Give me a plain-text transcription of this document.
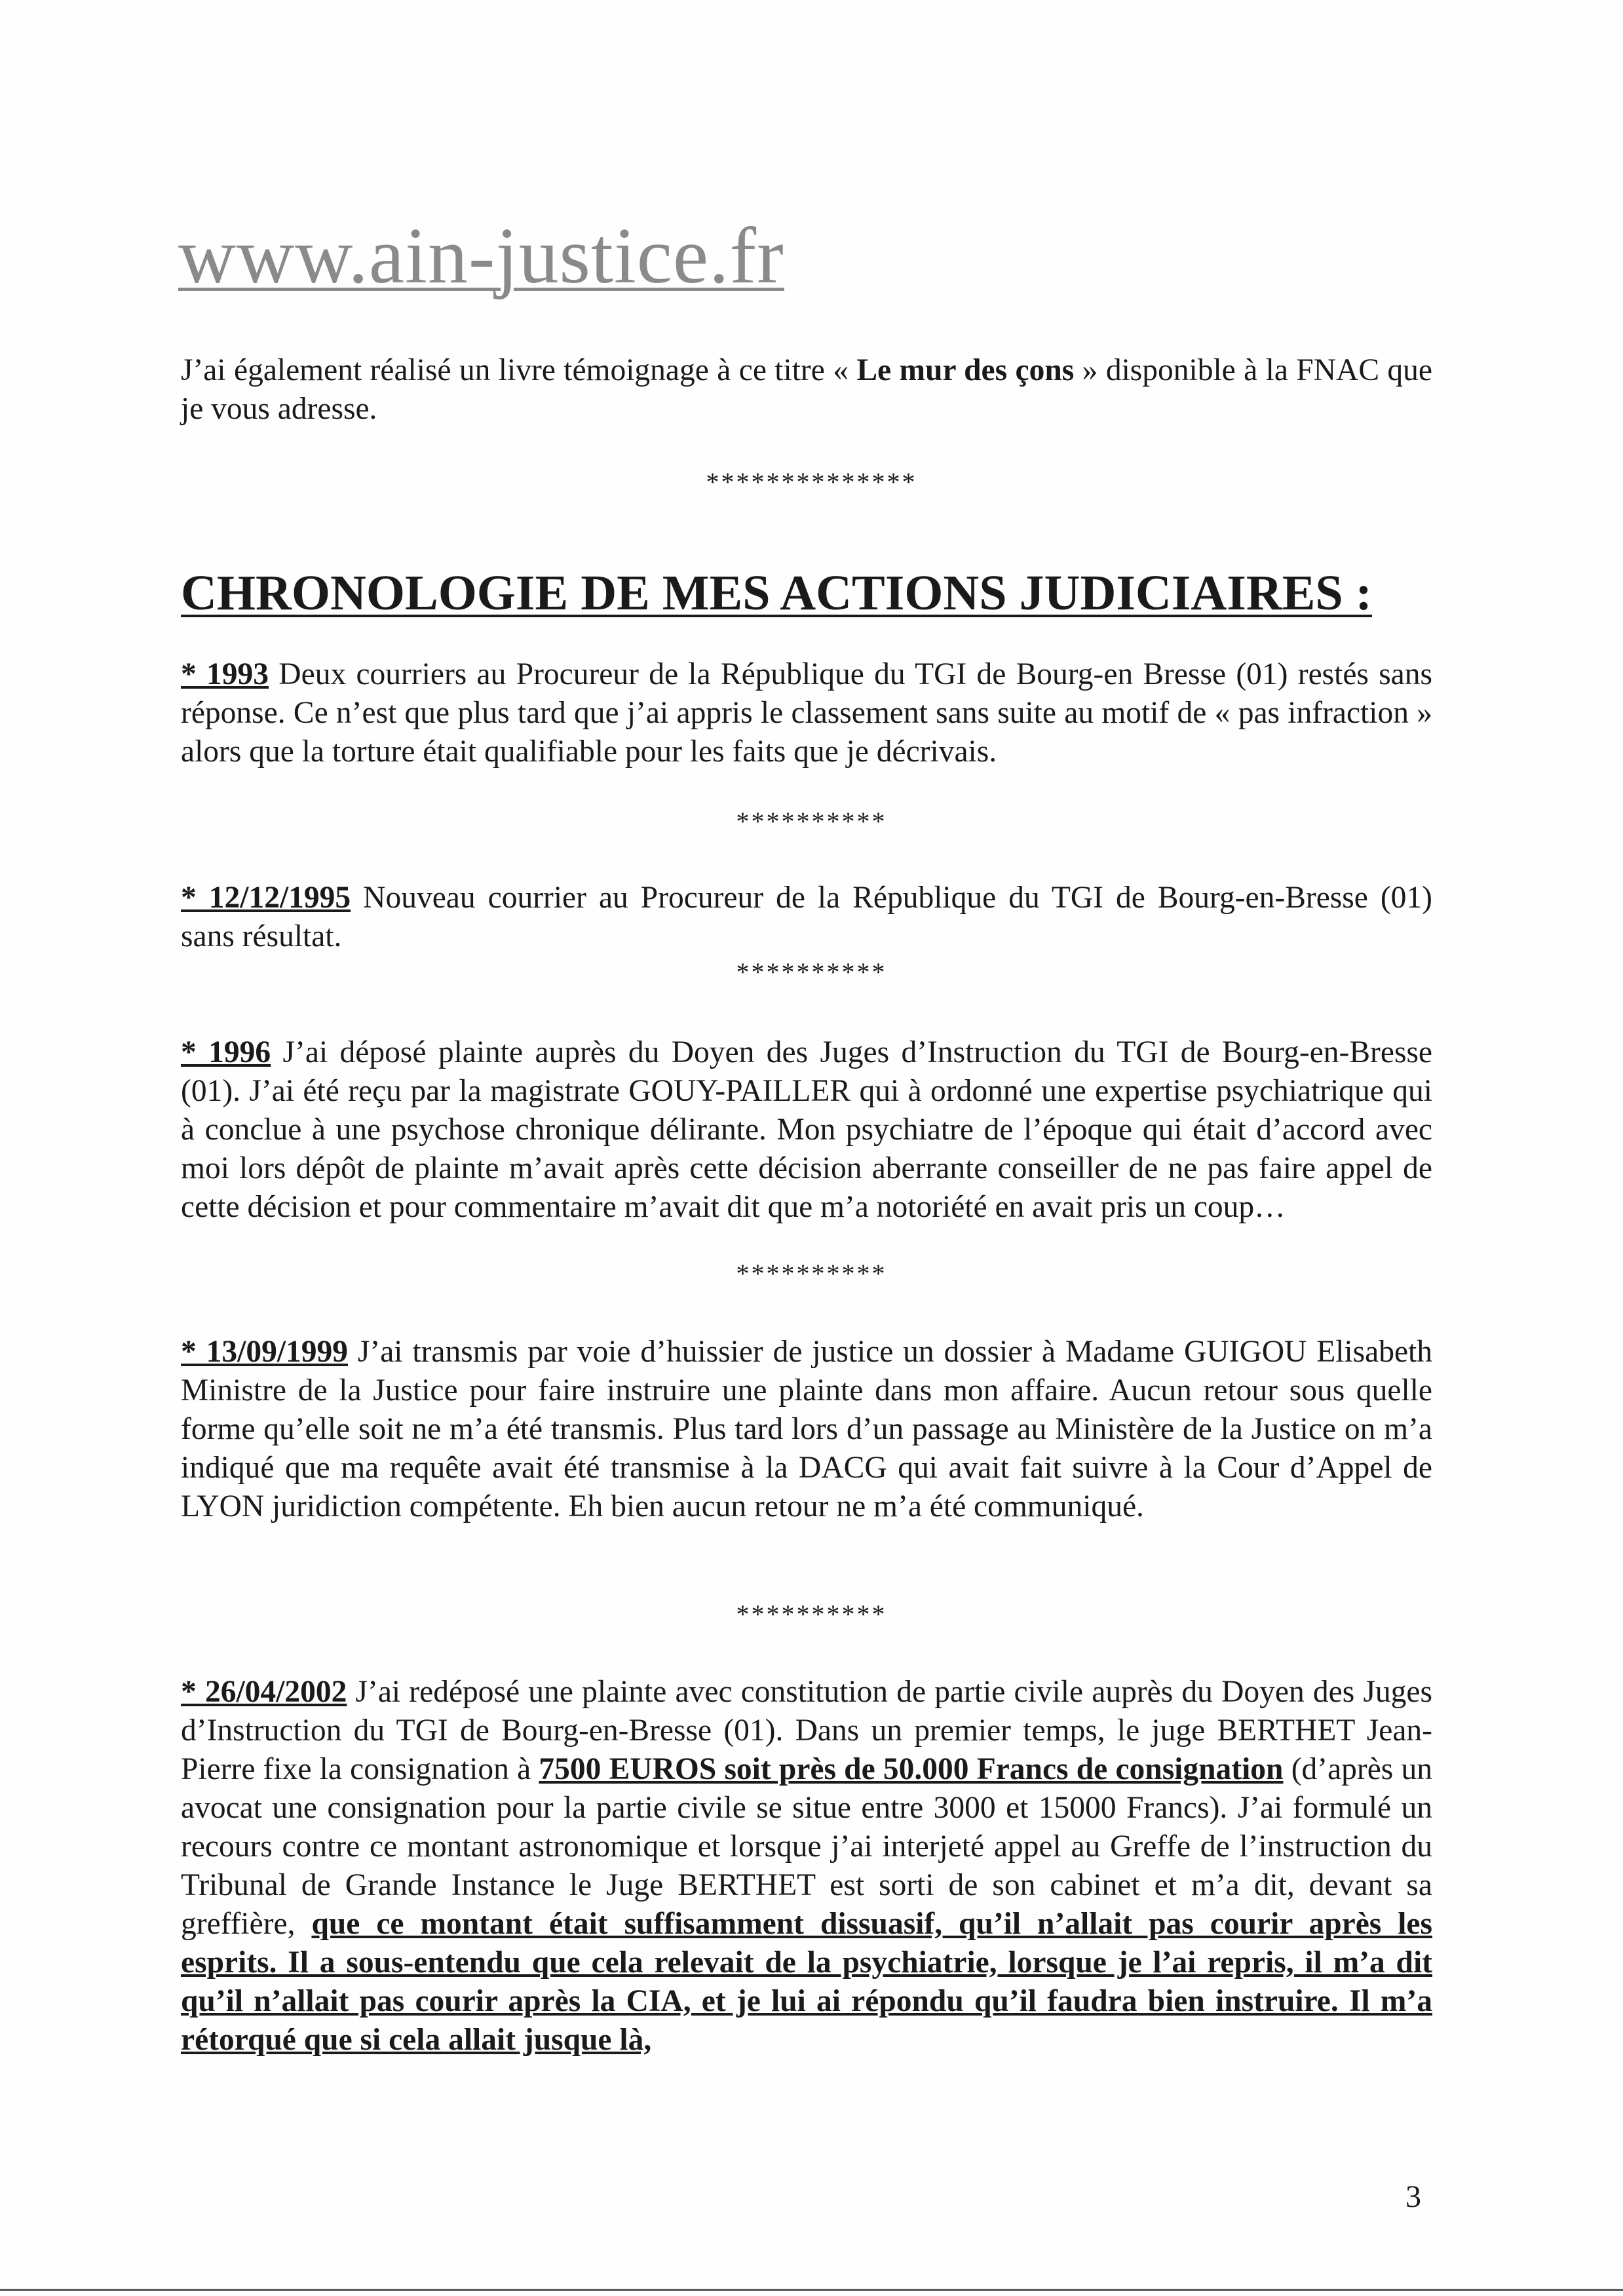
www.ain-justice.fr
J’ai également réalisé un livre témoignage à ce titre « Le mur des çons » disponible à la FNAC que je vous adresse.
**************
CHRONOLOGIE DE MES ACTIONS JUDICIAIRES :
* 1993 Deux courriers au Procureur de la République du TGI de Bourg-en Bresse (01) restés sans réponse. Ce n’est que plus tard que j’ai appris le classement sans suite au motif de « pas infraction » alors que la torture était qualifiable pour les faits que je décrivais.
**********
* 12/12/1995 Nouveau courrier au Procureur de la République du TGI de Bourg-en-Bresse (01) sans résultat.
**********
* 1996 J’ai déposé plainte auprès du Doyen des Juges d’Instruction du TGI de Bourg-en-Bresse (01). J’ai été reçu par la magistrate GOUY-PAILLER qui à ordonné une expertise psychiatrique qui à conclue à une psychose chronique délirante. Mon psychiatre de l’époque qui était d’accord avec moi lors dépôt de plainte m’avait après cette décision aberrante conseiller de ne pas faire appel de cette décision et pour commentaire m’avait dit que m’a notoriété en avait pris un coup…
**********
* 13/09/1999 J’ai transmis par voie d’huissier de justice un dossier à Madame GUIGOU Elisabeth Ministre de la Justice pour faire instruire une plainte dans mon affaire. Aucun retour sous quelle forme qu’elle soit ne m’a été transmis. Plus tard lors d’un passage au Ministère de la Justice on m’a indiqué que ma requête avait été transmise à la DACG qui avait fait suivre à la Cour d’Appel de LYON juridiction compétente. Eh bien aucun retour ne m’a été communiqué.
**********
* 26/04/2002 J’ai redéposé une plainte avec constitution de partie civile auprès du Doyen des Juges d’Instruction du TGI de Bourg-en-Bresse (01). Dans un premier temps, le juge BERTHET Jean-Pierre fixe la consignation à 7500 EUROS soit près de 50.000 Francs de consignation (d’après un avocat une consignation pour la partie civile se situe entre 3000 et 15000 Francs). J’ai formulé un recours contre ce montant astronomique et lorsque j’ai interjeté appel au Greffe de l’instruction du Tribunal de Grande Instance le Juge BERTHET est sorti de son cabinet et m’a dit, devant sa greffière, que ce montant était suffisamment dissuasif, qu’il n’allait pas courir après les esprits. Il a sous-entendu que cela relevait de la psychiatrie, lorsque je l’ai repris, il m’a dit qu’il n’allait pas courir après la CIA, et je lui ai répondu qu’il faudra bien instruire. Il m’a rétorqué que si cela allait jusque là,
3
